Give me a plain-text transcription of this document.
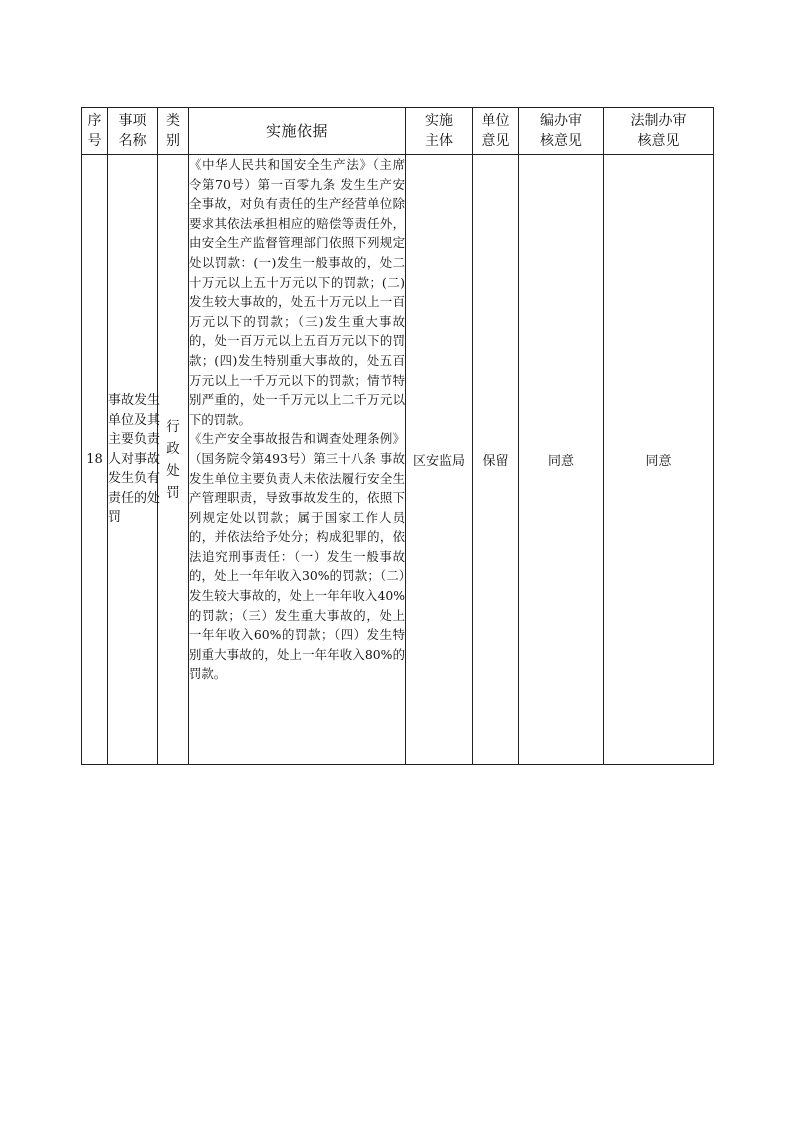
序号	事项名称	类别	实施依据	实施主体	单位意见	编办审核意见	法制办审核意见

18	事故发生单位及其主要负责人对事故发生负有责任的处罚	行政处罚	《中华人民共和国安全生产法》（主席令第70号）第一百零九条 发生生产安全事故，对负有责任的生产经营单位除要求其依法承担相应的赔偿等责任外，由安全生产监督管理部门依照下列规定处以罚款：(一)发生一般事故的，处二十万元以上五十万元以下的罚款；(二)发生较大事故的，处五十万元以上一百万元以下的罚款；（三)发生重大事故的，处一百万元以上五百万元以下的罚款；(四)发生特别重大事故的，处五百万元以上一千万元以下的罚款；情节特别严重的，处一千万元以上二千万元以下的罚款。

《生产安全事故报告和调查处理条例》（国务院令第493号）第三十八条 事故发生单位主要负责人未依法履行安全生产管理职责，导致事故发生的，依照下列规定处以罚款；属于国家工作人员的，并依法给予处分；构成犯罪的，依法追究刑事责任：（一）发生一般事故的，处上一年年收入30%的罚款；（二）发生较大事故的，处上一年年收入40%的罚款；（三）发生重大事故的，处上一年年收入60%的罚款；（四）发生特别重大事故的，处上一年年收入80%的罚款。	区安监局	保留	同意	同意
